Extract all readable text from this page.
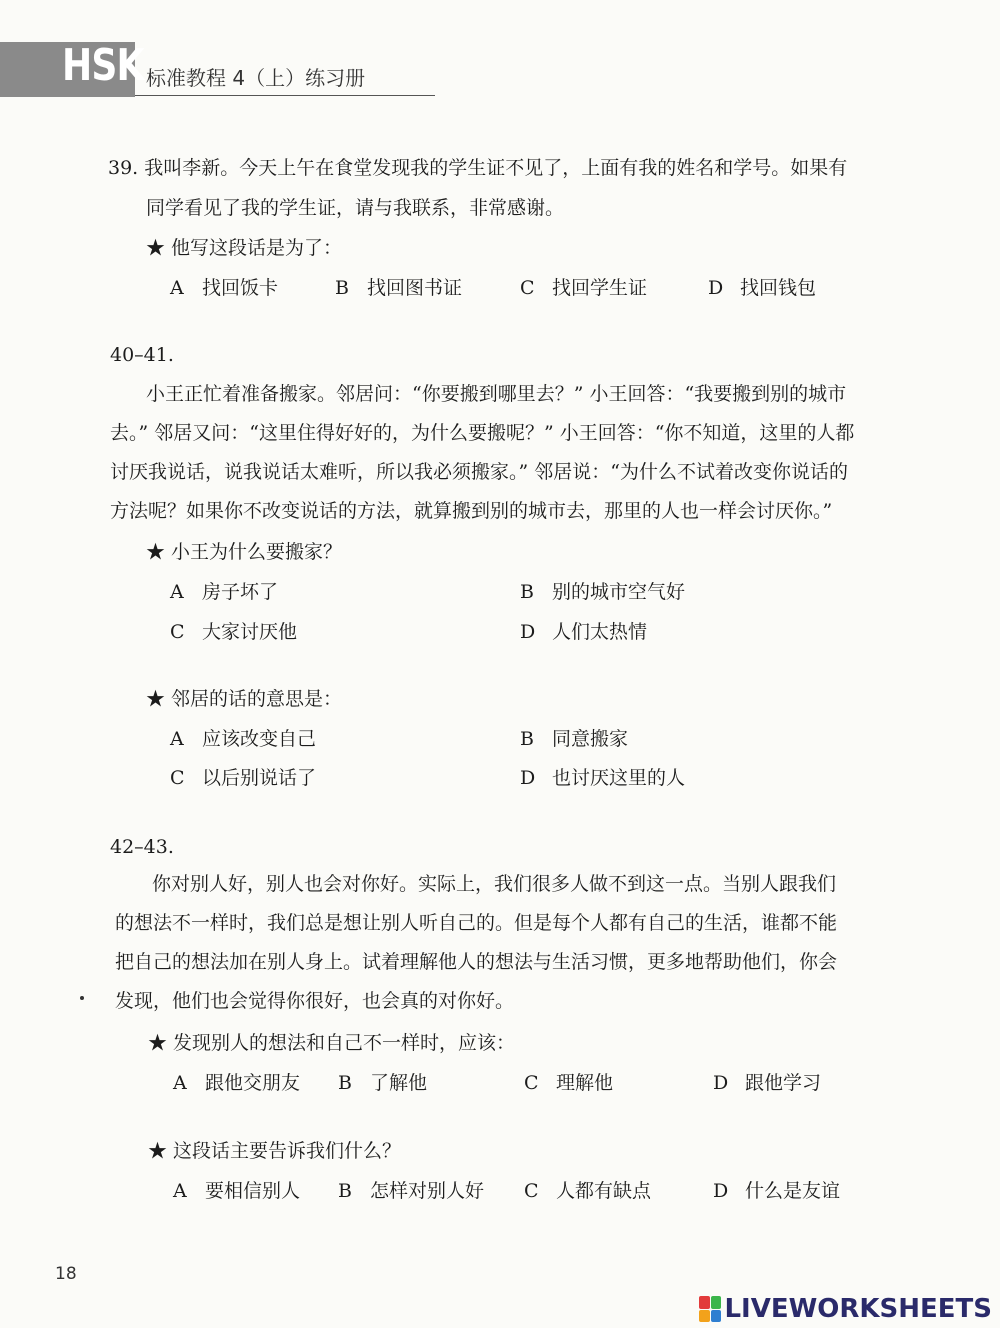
HSK 标准教程 4（上）练习册
39. 我叫李新。今天上午在食堂发现我的学生证不见了，上面有我的姓名和学号。如果有
同学看见了我的学生证，请与我联系，非常感谢。
★ 他写这段话是为了：
A 找回饭卡	B 找回图书证	C 找回学生证	D 找回钱包
40–41.
小王正忙着准备搬家。邻居问：“你要搬到哪里去？” 小王回答：“我要搬到别的城市
去。” 邻居又问：“这里住得好好的，为什么要搬呢？” 小王回答：“你不知道，这里的人都
讨厌我说话，说我说话太难听，所以我必须搬家。” 邻居说：“为什么不试着改变你说话的
方法呢？如果你不改变说话的方法，就算搬到别的城市去，那里的人也一样会讨厌你。”
★ 小王为什么要搬家？
A 房子坏了	B 别的城市空气好
C 大家讨厌他	D 人们太热情
★ 邻居的话的意思是：
A 应该改变自己	B 同意搬家
C 以后别说话了	D 也讨厌这里的人
42–43.
你对别人好，别人也会对你好。实际上，我们很多人做不到这一点。当别人跟我们
的想法不一样时，我们总是想让别人听自己的。但是每个人都有自己的生活，谁都不能
把自己的想法加在别人身上。试着理解他人的想法与生活习惯，更多地帮助他们，你会
发现，他们也会觉得你很好，也会真的对你好。
★ 发现别人的想法和自己不一样时，应该：
A 跟他交朋友 B 了解他	C 理解他	D 跟他学习
★ 这段话主要告诉我们什么？
A 要相信别人 B 怎样对别人好 C 人都有缺点	D 什么是友谊
18
LIVEWORKSHEETS
